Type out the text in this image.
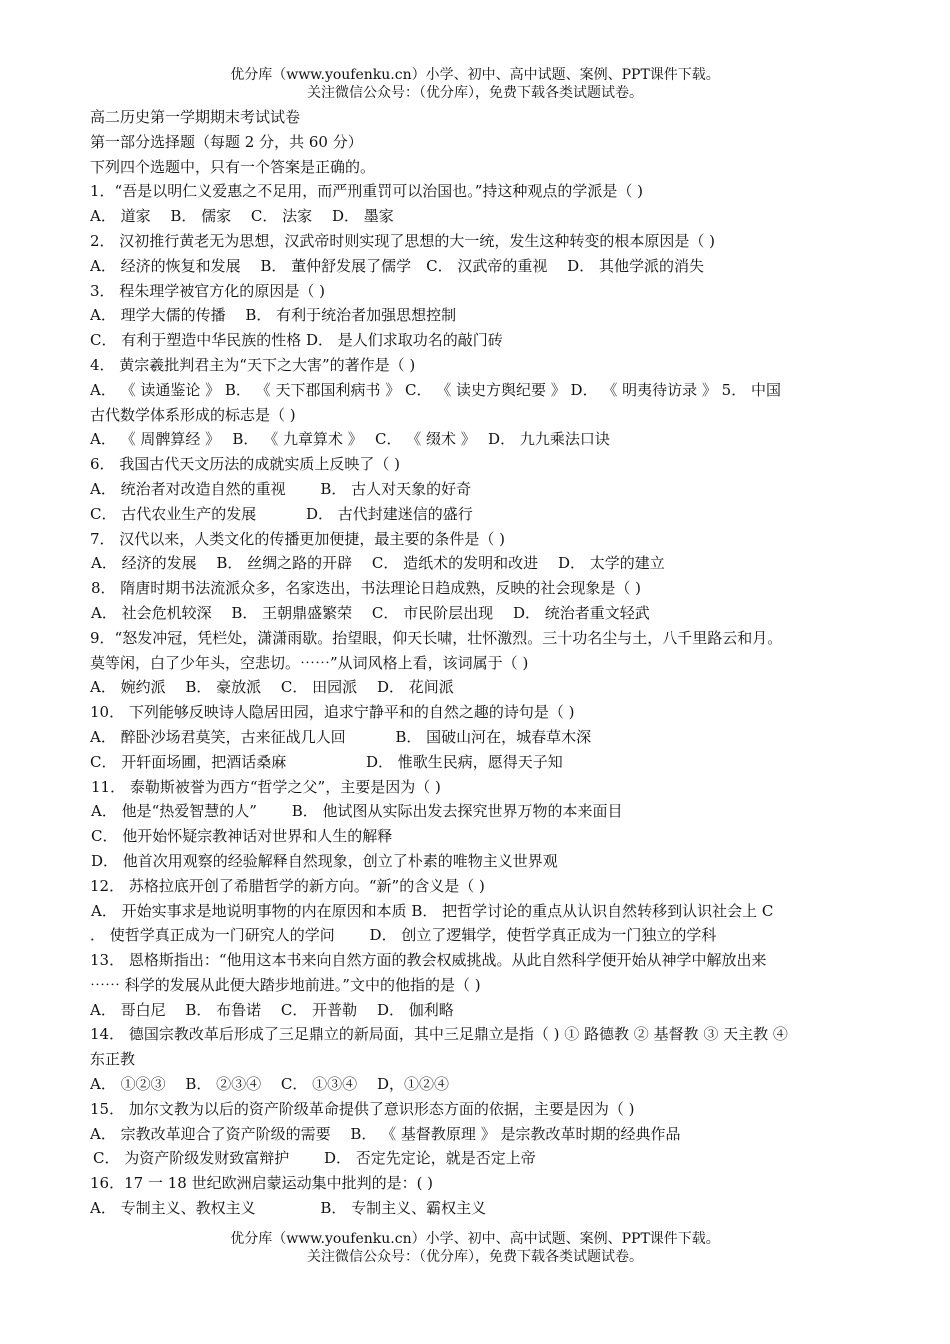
优分库（www.youfenku.cn）小学、初中、高中试题、案例、PPT课件下载。
关注微信公众号：（优分库），免费下载各类试题试卷。
高二历史第一学期期末考试试卷
第一部分选择题（每题 2 分，共 60 分）
下列四个选题中，只有一个答案是正确的。
1．“吾是以明仁义爱惠之不足用，而严刑重罚可以治国也。”持这种观点的学派是（ )
A． 道家　 B． 儒家　 C． 法家　 D． 墨家
2． 汉初推行黄老无为思想，汉武帝时则实现了思想的大一统，发生这种转变的根本原因是（ )
A． 经济的恢复和发展　 B． 董仲舒发展了儒学　C． 汉武帝的重视　 D． 其他学派的消失
3． 程朱理学被官方化的原因是（ )
A． 理学大儒的传播　 B． 有利于统治者加强思想控制
C． 有利于塑造中华民族的性格 D． 是人们求取功名的敲门砖
4． 黄宗羲批判君主为“天下之大害”的著作是（ )
A． 《 读通鉴论 》 B． 《 天下郡国利病书 》 C． 《 读史方舆纪要 》 D． 《 明夷待访录 》 5． 中国
古代数学体系形成的标志是（ )
A． 《 周髀算经 》　 B． 《 九章算术 》　 C． 《 缀术 》　 D． 九九乘法口诀
6． 我国古代天文历法的成就实质上反映了（ )
A． 统治者对改造自然的重视　　 B． 古人对天象的好奇
C． 古代农业生产的发展　　　 D． 古代封建迷信的盛行
7． 汉代以来，人类文化的传播更加便捷，最主要的条件是（ )
A． 经济的发展　 B． 丝绸之路的开辟　 C． 造纸术的发明和改进　 D． 太学的建立
8． 隋唐时期书法流派众多，名家迭出，书法理论日趋成熟，反映的社会现象是（ )
A． 社会危机较深　 B． 王朝鼎盛繁荣　 C． 市民阶层出现　 D． 统治者重文轻武
9．“怒发冲冠，凭栏处，潇潇雨歇。抬望眼，仰天长啸，壮怀激烈。三十功名尘与土，八千里路云和月。
莫等闲，白了少年头，空悲切。⋯⋯”从词风格上看，该词属于（ )
A． 婉约派　 B． 豪放派　 C． 田园派　 D． 花间派
10． 下列能够反映诗人隐居田园，追求宁静平和的自然之趣的诗句是（ )
A． 醉卧沙场君莫笑，古来征战几人回　　　 B． 国破山河在，城春草木深
C． 开轩面场圃，把酒话桑麻　　　　　 D． 惟歌生民病，愿得天子知
11． 泰勒斯被誉为西方“哲学之父”，主要是因为（ )
A． 他是“热爱智慧的人”　　 B． 他试图从实际出发去探究世界万物的本来面目
C． 他开始怀疑宗教神话对世界和人生的解释
D． 他首次用观察的经验解释自然现象，创立了朴素的唯物主义世界观
12． 苏格拉底开创了希腊哲学的新方向。“新”的含义是（ )
A． 开始实事求是地说明事物的内在原因和本质 B． 把哲学讨论的重点从认识自然转移到认识社会上 C
． 使哲学真正成为一门研究人的学问　　 D． 创立了逻辑学，使哲学真正成为一门独立的学科
13． 恩格斯指出：“他用这本书来向自然方面的教会权威挑战。从此自然科学便开始从神学中解放出来
⋯⋯ 科学的发展从此便大踏步地前进。”文中的他指的是（ )
A． 哥白尼　 B． 布鲁诺　 C． 开普勒　 D． 伽利略
14． 德国宗教改革后形成了三足鼎立的新局面，其中三足鼎立是指（ ) ① 路德教 ② 基督教 ③ 天主教 ④
东正教
A． ①②③　 B． ②③④　 C． ①③④　 D，①②④
15． 加尔文教为以后的资产阶级革命提供了意识形态方面的依据，主要是因为（ )
A． 宗教改革迎合了资产阶级的需要　 B． 《 基督教原理 》 是宗教改革时期的经典作品
C． 为资产阶级发财致富辩护　　 D． 否定先定论，就是否定上帝
16．17 一 18 世纪欧洲启蒙运动集中批判的是：( )
A． 专制主义、教权主义　　　　 B． 专制主义、霸权主义
优分库（www.youfenku.cn）小学、初中、高中试题、案例、PPT课件下载。
关注微信公众号：（优分库），免费下载各类试题试卷。
